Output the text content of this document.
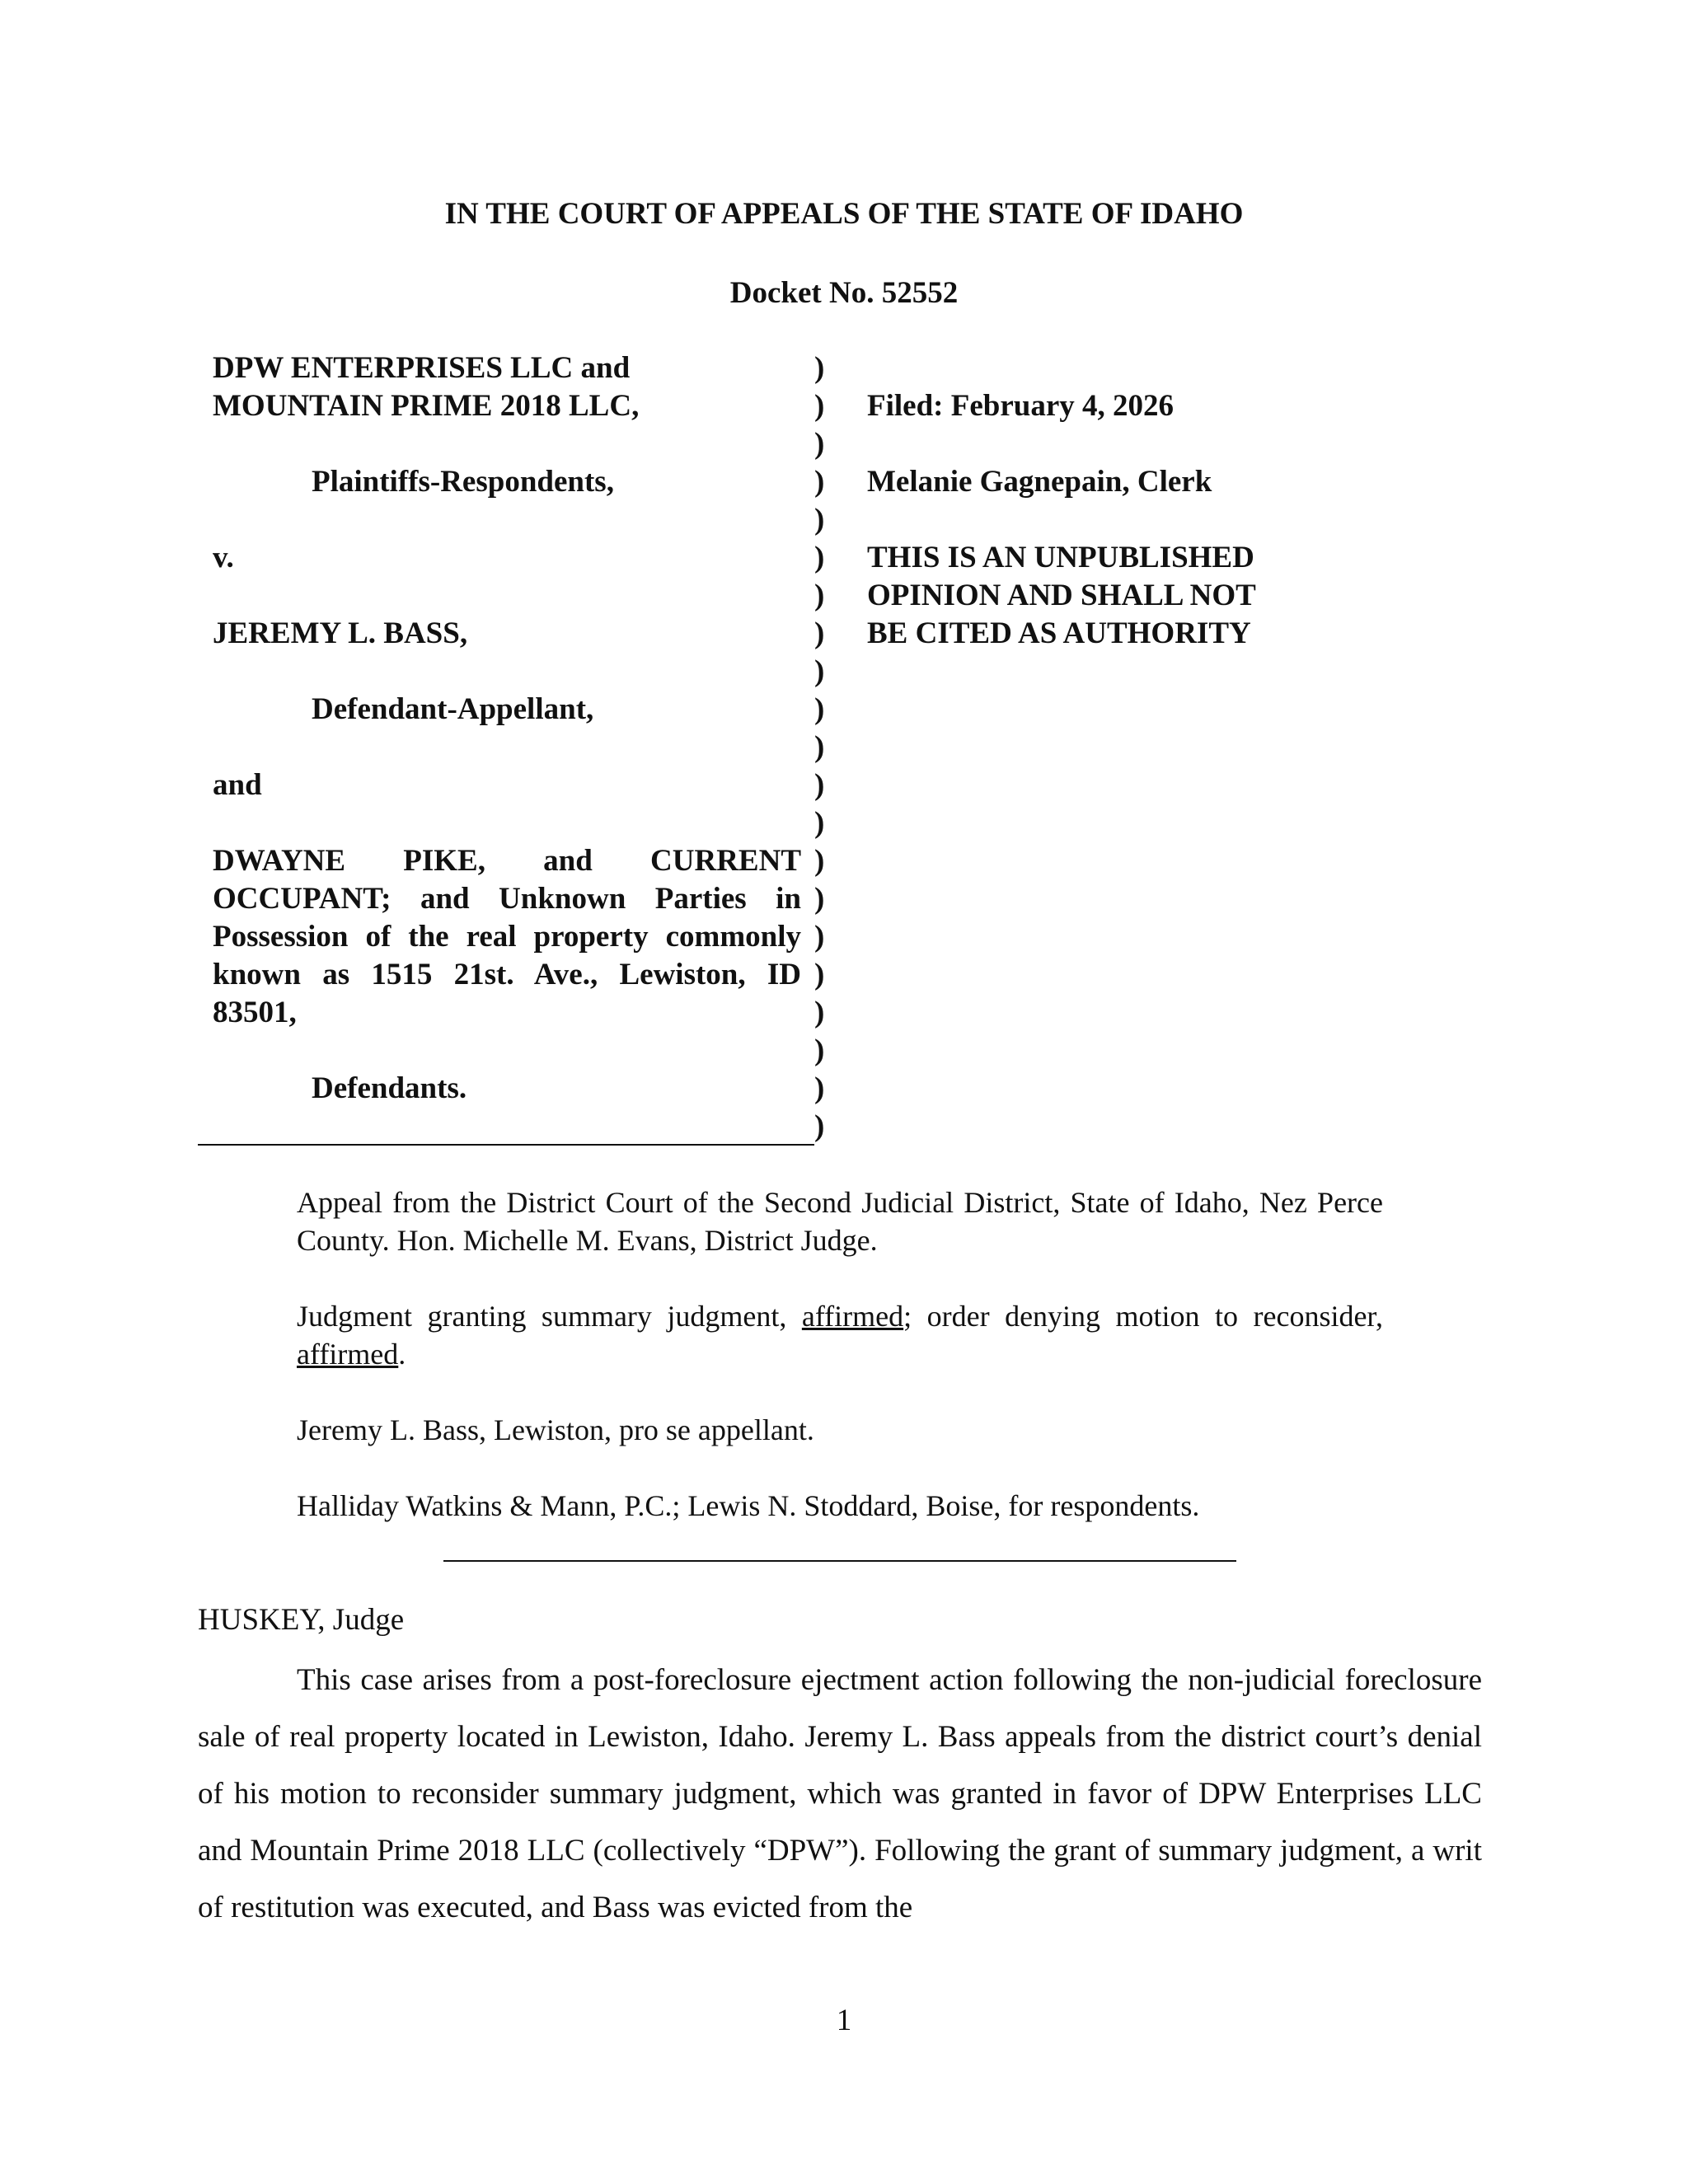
IN THE COURT OF APPEALS OF THE STATE OF IDAHO
Docket No. 52552
DPW ENTERPRISES LLC and
MOUNTAIN PRIME 2018 LLC,
Plaintiffs-Respondents,
v.
JEREMY L. BASS,
Defendant-Appellant,
and
DWAYNE PIKE, and CURRENT
OCCUPANT; and Unknown Parties in
Possession of the real property commonly
known as 1515 21st. Ave., Lewiston, ID
83501,
Defendants.
)
)
)
)
)
)
)
)
)
)
)
)
)
)
)
)
)
)
)
)
)
Filed: February 4, 2026
Melanie Gagnepain, Clerk
THIS IS AN UNPUBLISHED
OPINION AND SHALL NOT
BE CITED AS AUTHORITY
Appeal from the District Court of the Second Judicial District, State of Idaho, Nez Perce County. Hon. Michelle M. Evans, District Judge.
Judgment granting summary judgment, affirmed; order denying motion to reconsider, affirmed.
Jeremy L. Bass, Lewiston, pro se appellant.
Halliday Watkins & Mann, P.C.; Lewis N. Stoddard, Boise, for respondents.
HUSKEY, Judge
This case arises from a post-foreclosure ejectment action following the non-judicial foreclosure sale of real property located in Lewiston, Idaho. Jeremy L. Bass appeals from the district court’s denial of his motion to reconsider summary judgment, which was granted in favor of DPW Enterprises LLC and Mountain Prime 2018 LLC (collectively “DPW”). Following the grant of summary judgment, a writ of restitution was executed, and Bass was evicted from the
1
